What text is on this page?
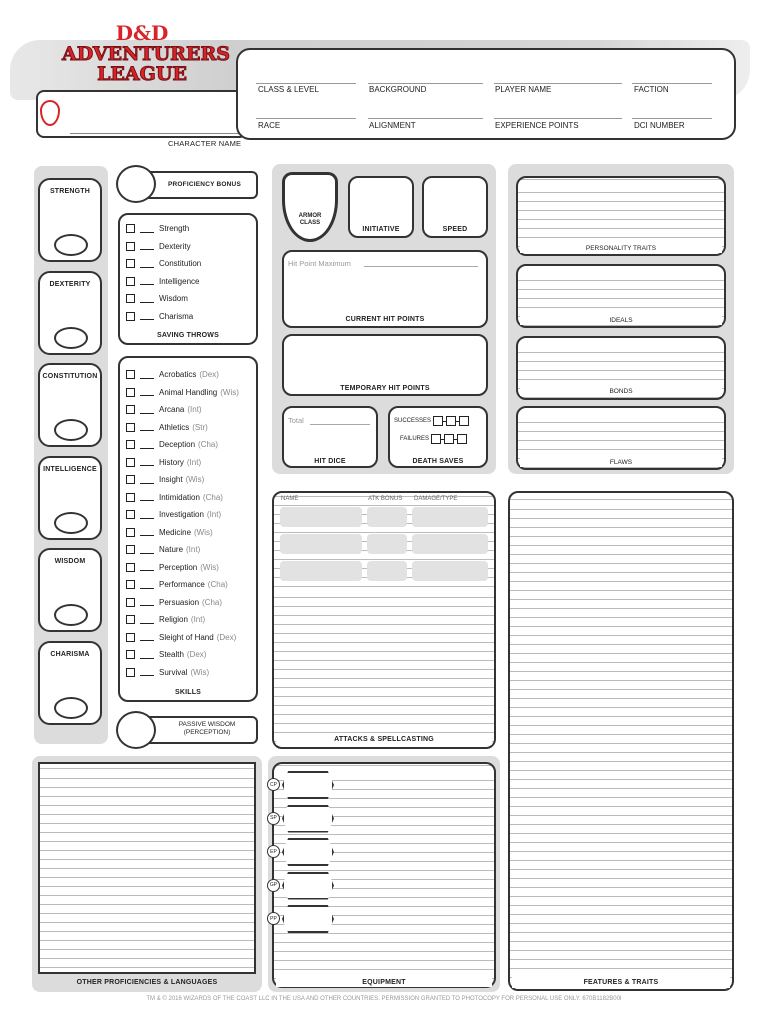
D&D
ADVENTURERS
LEAGUE
CHARACTER NAME
CLASS & LEVEL	BACKGROUND	PLAYER NAME	FACTION
RACE	ALIGNMENT	EXPERIENCE POINTS	DCI NUMBER
STRENGTH
DEXTERITY
CONSTITUTION
INTELLIGENCE
WISDOM
CHARISMA
PROFICIENCY BONUS
Strength
Dexterity
Constitution
Intelligence
Wisdom
Charisma
SAVING THROWS
Acrobatics (Dex)
Animal Handling (Wis)
Arcana (Int)
Athletics (Str)
Deception (Cha)
History (Int)
Insight (Wis)
Intimidation (Cha)
Investigation (Int)
Medicine (Wis)
Nature (Int)
Perception (Wis)
Performance (Cha)
Persuasion (Cha)
Religion (Int)
Sleight of Hand (Dex)
Stealth (Dex)
Survival (Wis)
SKILLS
PASSIVE WISDOM
(PERCEPTION)
ARMOR
CLASS
INITIATIVE	SPEED
Hit Point Maximum
CURRENT HIT POINTS
TEMPORARY HIT POINTS
Total
HIT DICE
SUCCESSES
FAILURES
DEATH SAVES
NAME	ATK BONUS DAMAGE/TYPE
ATTACKS & SPELLCASTING
PERSONALITY TRAITS
IDEALS
BONDS
FLAWS
FEATURES & TRAITS
OTHER PROFICIENCIES & LANGUAGES
CP
SP
EP
GP
PP
EQUIPMENT
TM & © 2016 WIZARDS OF THE COAST LLC IN THE USA AND OTHER COUNTRIES. PERMISSION GRANTED TO PHOTOCOPY FOR PERSONAL USE ONLY. 670B1182B00I
